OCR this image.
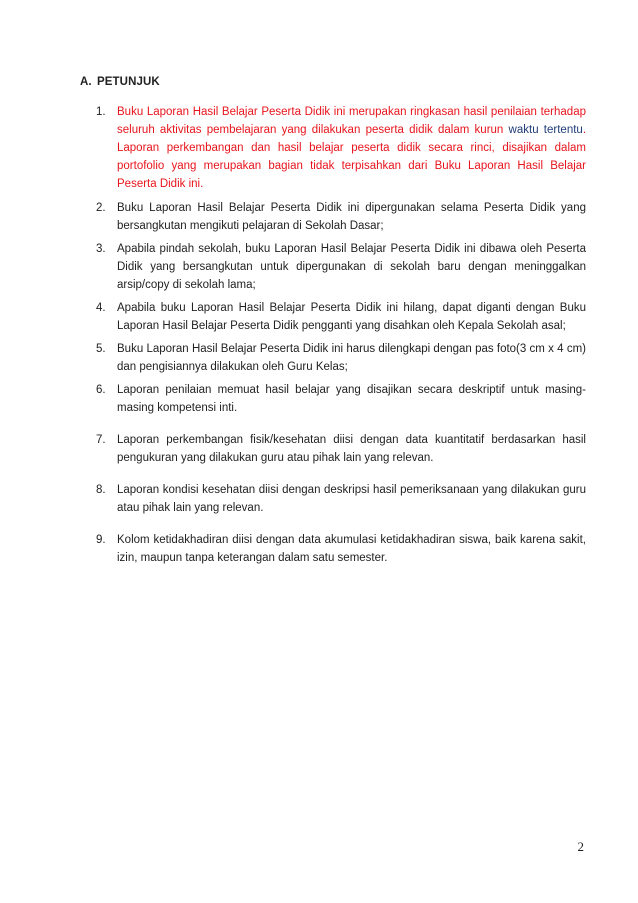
A. PETUNJUK
1. Buku Laporan Hasil Belajar Peserta Didik ini merupakan ringkasan hasil penilaian terhadap seluruh aktivitas pembelajaran yang dilakukan peserta didik dalam kurun waktu tertentu. Laporan perkembangan dan hasil belajar peserta didik secara rinci, disajikan dalam portofolio yang merupakan bagian tidak terpisahkan dari Buku Laporan Hasil Belajar Peserta Didik ini.
2. Buku Laporan Hasil Belajar Peserta Didik ini dipergunakan selama Peserta Didik yang bersangkutan mengikuti pelajaran di Sekolah Dasar;
3. Apabila pindah sekolah, buku Laporan Hasil Belajar Peserta Didik ini dibawa oleh Peserta Didik yang bersangkutan untuk dipergunakan di sekolah baru dengan meninggalkan arsip/copy di sekolah lama;
4. Apabila buku Laporan Hasil Belajar Peserta Didik ini hilang, dapat diganti dengan Buku Laporan Hasil Belajar Peserta Didik pengganti yang disahkan oleh Kepala Sekolah asal;
5. Buku Laporan Hasil Belajar Peserta Didik ini harus dilengkapi dengan pas foto(3 cm x 4 cm) dan pengisiannya dilakukan oleh Guru Kelas;
6. Laporan penilaian memuat hasil belajar yang disajikan secara deskriptif untuk masing-masing kompetensi inti.
7. Laporan perkembangan fisik/kesehatan diisi dengan data kuantitatif berdasarkan hasil pengukuran yang dilakukan guru atau pihak lain yang relevan.
8. Laporan kondisi kesehatan diisi dengan deskripsi hasil pemeriksanaan yang dilakukan guru atau pihak lain yang relevan.
9. Kolom ketidakhadiran diisi dengan data akumulasi ketidakhadiran siswa, baik karena sakit, izin, maupun tanpa keterangan dalam satu semester.
2
